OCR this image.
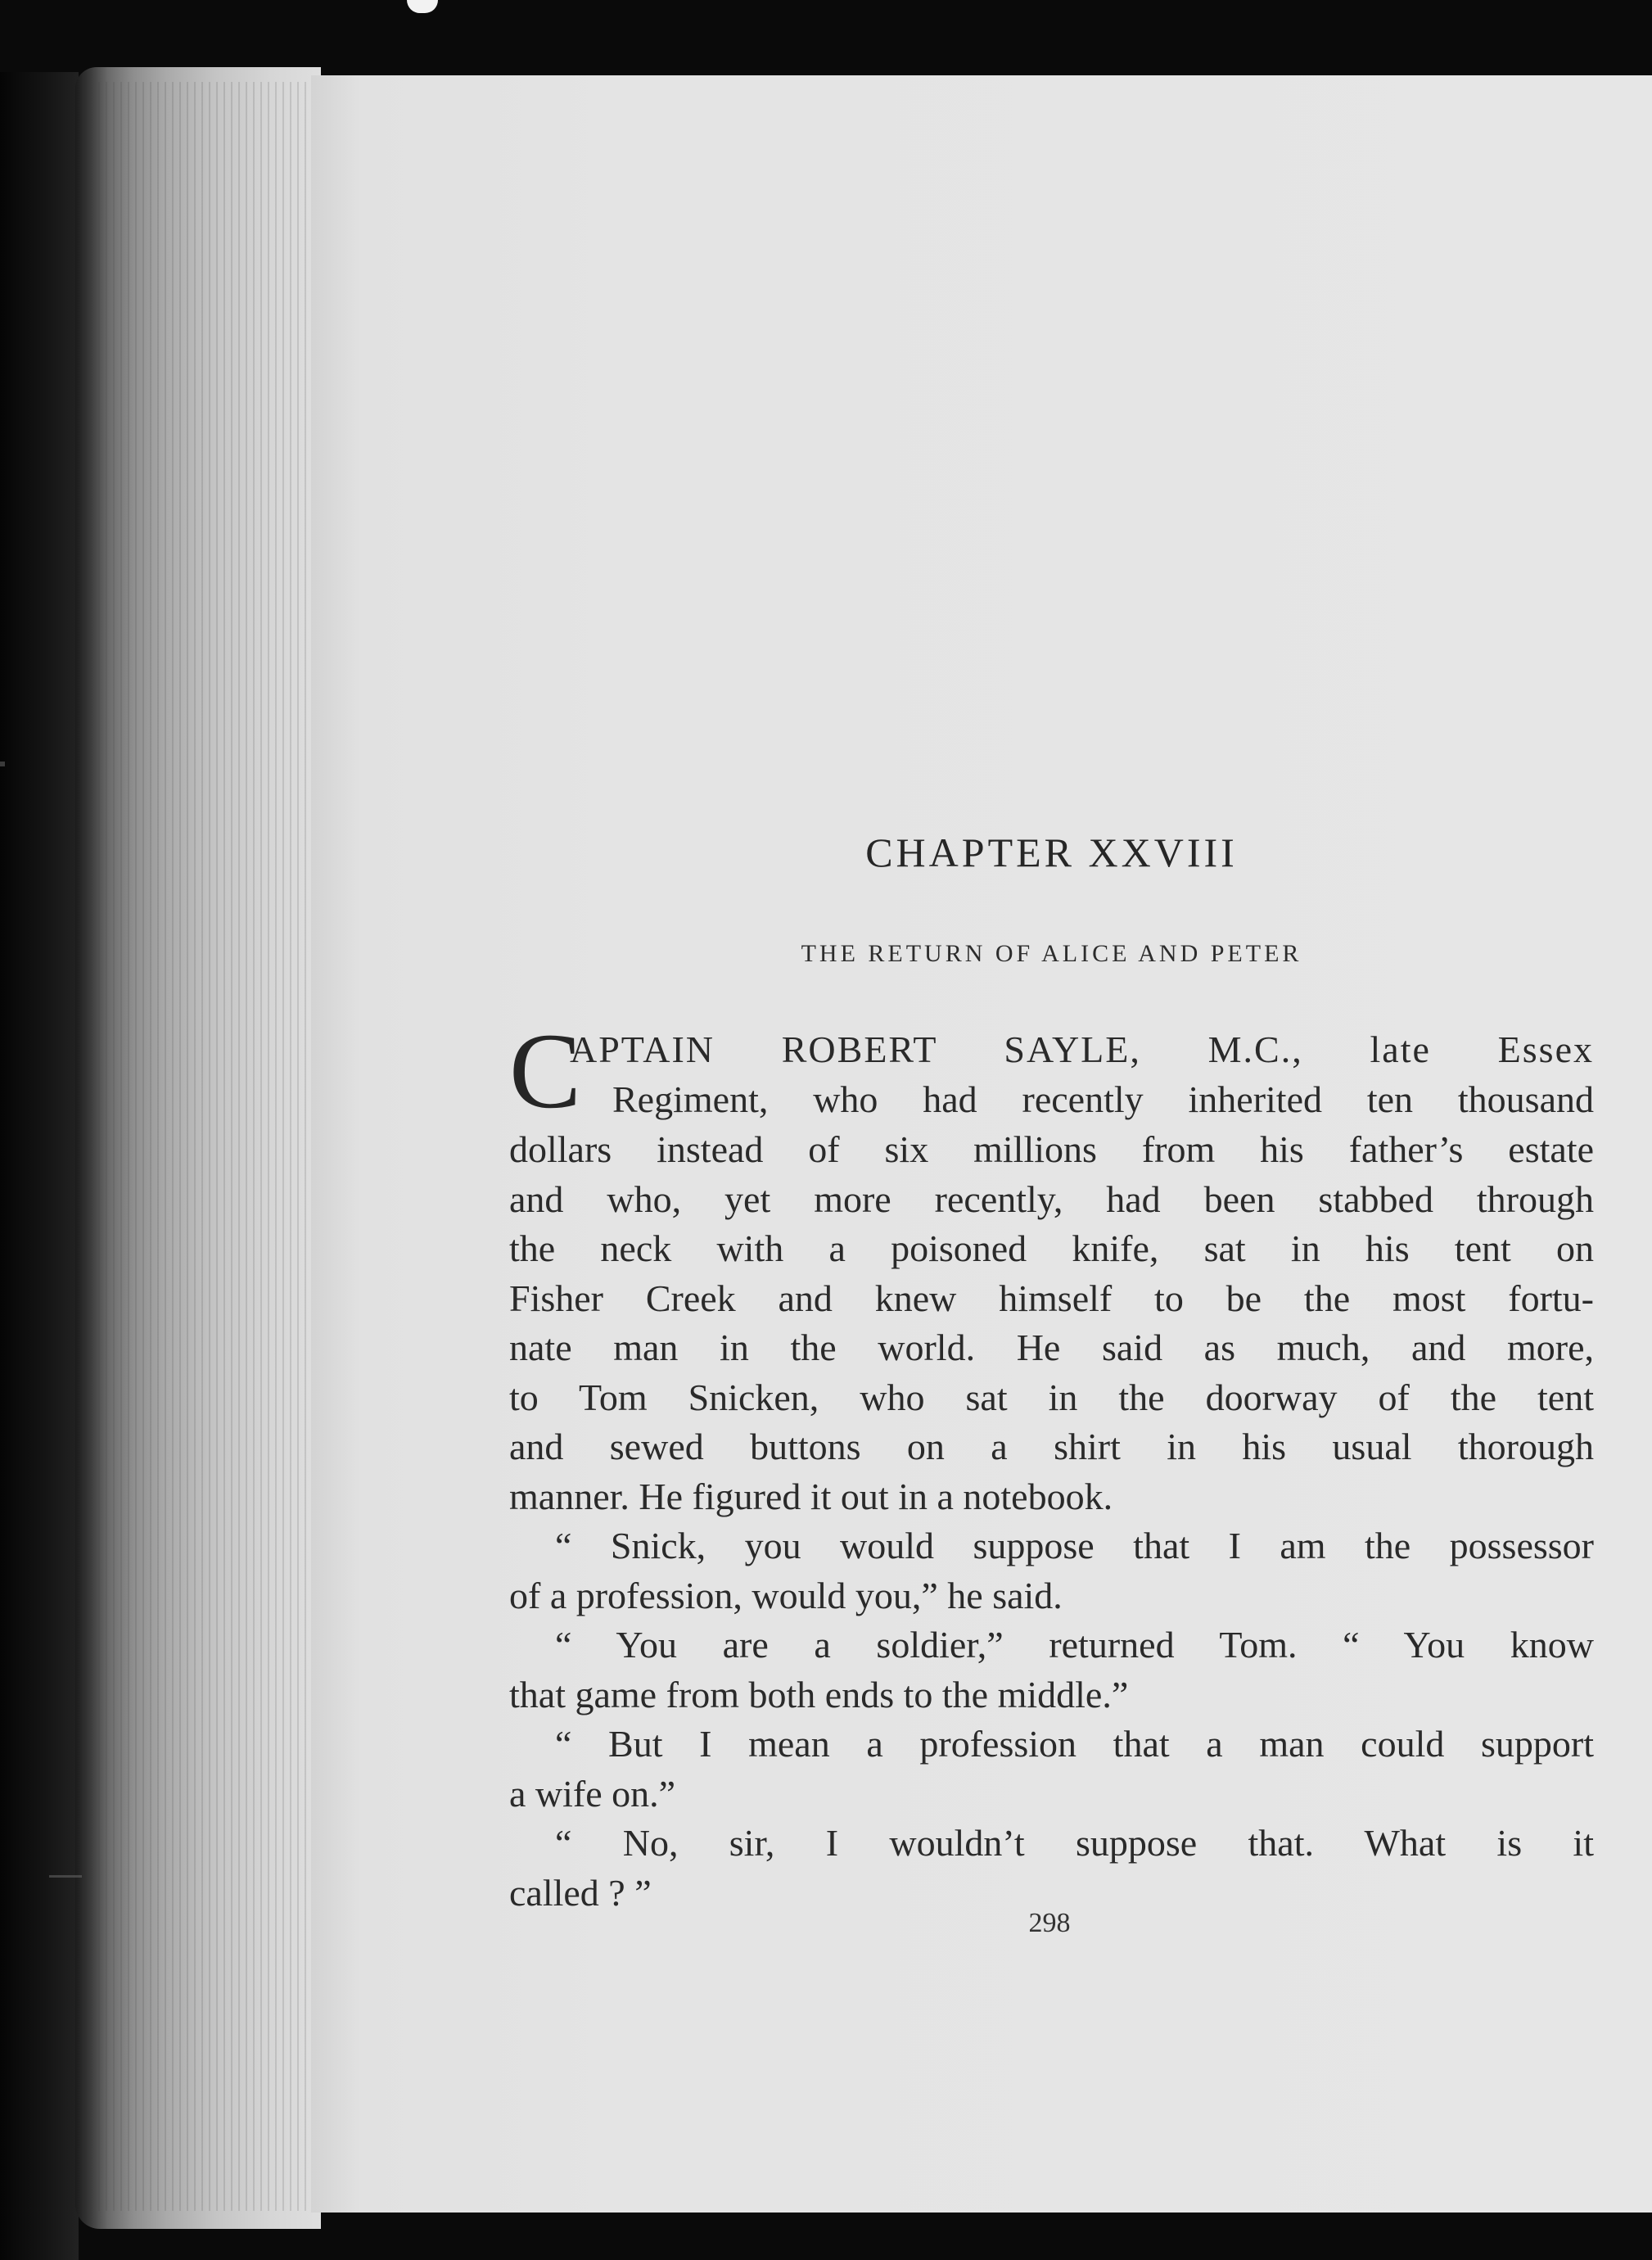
CHAPTER XXVIII
THE RETURN OF ALICE AND PETER
C
APTAIN ROBERT SAYLE, M.C., late Essex
Regiment, who had recently inherited ten thousand
dollars instead of six millions from his father’s estate
and who, yet more recently, had been stabbed through
the neck with a poisoned knife, sat in his tent on
Fisher Creek and knew himself to be the most fortu-
nate man in the world. He said as much, and more,
to Tom Snicken, who sat in the doorway of the tent
and sewed buttons on a shirt in his usual thorough
manner. He figured it out in a notebook.
“ Snick, you would suppose that I am the possessor
of a profession, would you,” he said.
“ You are a soldier,” returned Tom. “ You know
that game from both ends to the middle.”
“ But I mean a profession that a man could support
a wife on.”
“ No, sir, I wouldn’t suppose that. What is it
called ? ”
298
